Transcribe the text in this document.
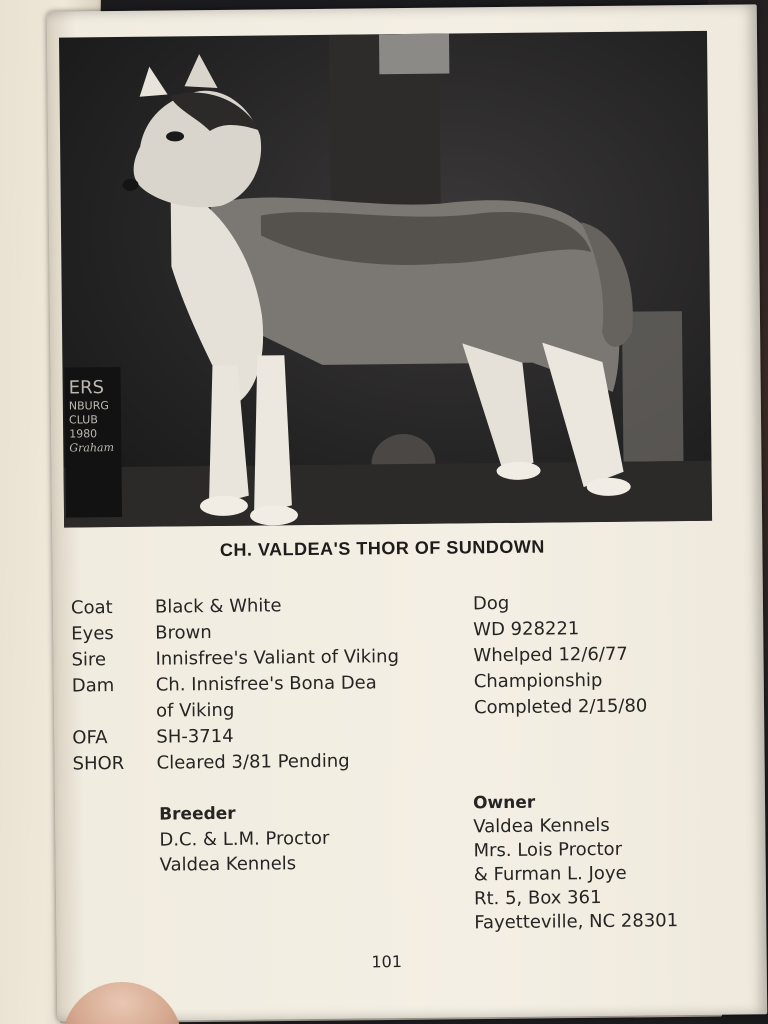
ERS
NBURG
CLUB
1980
Graham
CH. VALDEA'S THOR OF SUNDOWN
Coat
Eyes
Sire
Dam
OFA
SHOR
Black & White
Brown
Innisfree's Valiant of Viking
Ch. Innisfree's Bona Dea
of Viking
SH-3714
Cleared 3/81 Pending
Dog
WD 928221
Whelped 12/6/77
Championship
Completed 2/15/80
Breeder
D.C. & L.M. Proctor
Valdea Kennels
Owner
Valdea Kennels
Mrs. Lois Proctor
& Furman L. Joye
Rt. 5, Box 361
Fayetteville, NC 28301
101
